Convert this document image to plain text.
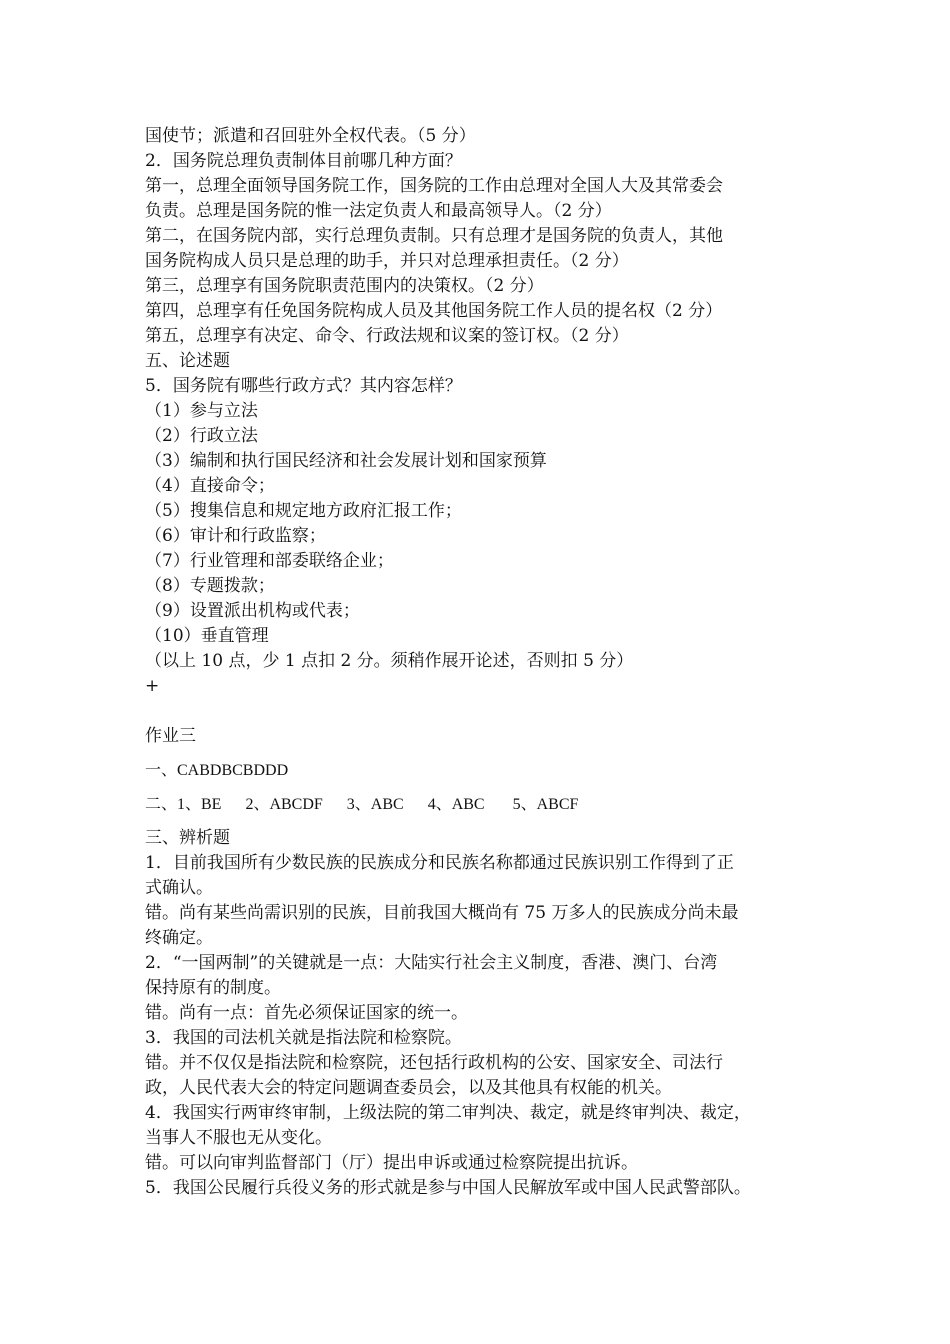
国使节；派遣和召回驻外全权代表。（5 分）
2．国务院总理负责制体目前哪几种方面？
第一，总理全面领导国务院工作，国务院的工作由总理对全国人大及其常委会
负责。总理是国务院的惟一法定负责人和最高领导人。（2 分）
第二，在国务院内部，实行总理负责制。只有总理才是国务院的负责人，其他
国务院构成人员只是总理的助手，并只对总理承担责任。（2 分）
第三，总理享有国务院职责范围内的决策权。（2 分）
第四，总理享有任免国务院构成人员及其他国务院工作人员的提名权（2 分）
第五，总理享有决定、命令、行政法规和议案的签订权。（2 分）
五、论述题
5．国务院有哪些行政方式？其内容怎样？
（1）参与立法
（2）行政立法
（3）编制和执行国民经济和社会发展计划和国家预算
（4）直接命令；
（5）搜集信息和规定地方政府汇报工作；
（6）审计和行政监察；
（7）行业管理和部委联络企业；
（8）专题拨款；
（9）设置派出机构或代表；
（10）垂直管理
（以上 10 点，少 1 点扣 2 分。须稍作展开论述，否则扣 5 分）
+
作业三
一、CABDBCBDDD
二、1、BE      2、ABCDF      3、ABC      4、ABC       5、ABCF
三、辨析题
1．目前我国所有少数民族的民族成分和民族名称都通过民族识别工作得到了正
式确认。
错。尚有某些尚需识别的民族，目前我国大概尚有 75 万多人的民族成分尚未最
终确定。
2．“一国两制”的关键就是一点：大陆实行社会主义制度，香港、澳门、台湾
保持原有的制度。
错。尚有一点：首先必须保证国家的统一。
3．我国的司法机关就是指法院和检察院。
错。并不仅仅是指法院和检察院，还包括行政机构的公安、国家安全、司法行
政，人民代表大会的特定问题调查委员会，以及其他具有权能的机关。
4．我国实行两审终审制，上级法院的第二审判决、裁定，就是终审判决、裁定，
当事人不服也无从变化。
错。可以向审判监督部门（厅）提出申诉或通过检察院提出抗诉。
5．我国公民履行兵役义务的形式就是参与中国人民解放军或中国人民武警部队。
